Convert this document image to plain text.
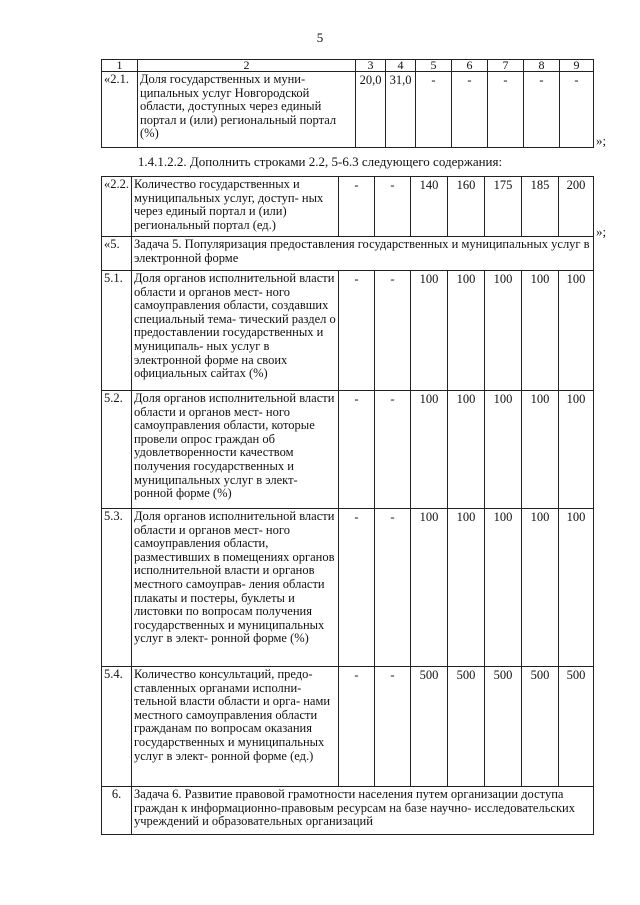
5
1	2	3	4	5	6	7	8	9
«2.1.	Доля государственных и муни- ципальных услуг Новгородской области, доступных через единый портал и (или) региональный портал (%)	20,0	31,0	-	-	-	-	-
»;
1.4.1.2.2. Дополнить строками 2.2, 5-6.3 следующего содержания:
«2.2.	Количество государственных и муниципальных услуг, доступ- ных через единый портал и (или) региональный портал (ед.)	-	-	140	160	175	185	200
«5.	Задача 5. Популяризация предоставления государственных и муниципальных услуг в электронной форме							
5.1.	Доля органов исполнительной власти области и органов мест- ного самоуправления области, создавших специальный тема- тический раздел о предоставлении государственных и муниципаль- ных услуг в электронной форме на своих официальных сайтах (%)	-	-	100	100	100	100	100
5.2.	Доля органов исполнительной власти области и органов мест- ного самоуправления области, которые провели опрос граждан об удовлетворенности качеством получения государственных и муниципальных услуг в элект- ронной форме (%)	-	-	100	100	100	100	100
5.3.	Доля органов исполнительной власти области и органов мест- ного самоуправления области, разместивших в помещениях органов исполнительной власти и органов местного самоуправ- ления области плакаты и постеры, буклеты и листовки по вопросам получения государственных и муниципальных услуг в элект- ронной форме (%)	-	-	100	100	100	100	100
5.4.	Количество консультаций, предо- ставленных органами исполни- тельной власти области и орга- нами местного самоуправления области гражданам по вопросам оказания государственных и муниципальных услуг в элект- ронной форме (ед.)	-	-	500	500	500	500	500
6.	Задача 6. Развитие правовой грамотности населения путем организации доступа граждан к информационно-правовым ресурсам на базе научно- исследовательских учреждений и образовательных организаций							
»;
